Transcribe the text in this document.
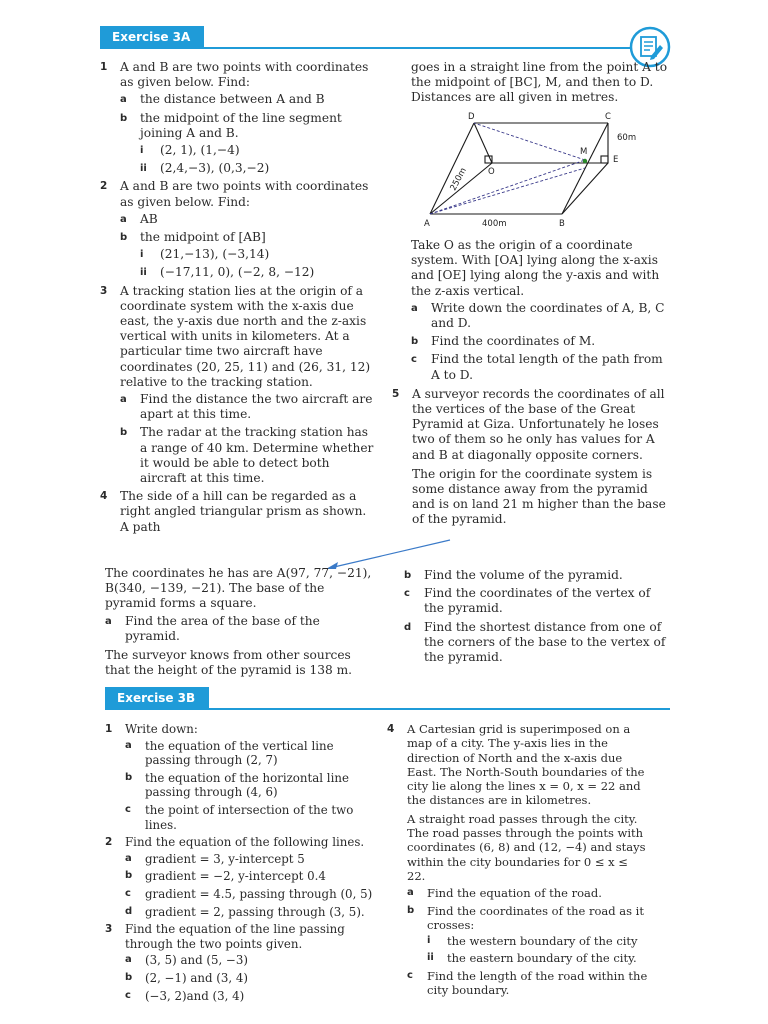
Exercise 3A
1 A and B are two points with coordinates as given below. Find:
a the distance between A and B
b the midpoint of the line segment joining A and B.
i (2, 1), (1,−4)
ii (2,4,−3), (0,3,−2)
2 A and B are two points with coordinates as given below. Find:
a AB
b the midpoint of [AB]
i (21,−13), (−3,14)
ii (−17,11, 0), (−2, 8, −12)
3 A tracking station lies at the origin of a coordinate system with the x-axis due east, the y-axis due north and the z-axis vertical with units in kilometers. At a particular time two aircraft have coordinates (20, 25, 11) and (26, 31, 12) relative to the tracking station.
a Find the distance the two aircraft are apart at this time.
b The radar at the tracking station has a range of 40 km. Determine whether it would be able to detect both aircraft at this time.
4 The side of a hill can be regarded as a right angled triangular prism as shown. A path
goes in a straight line from the point A to the midpoint of [BC], M, and then to D. Distances are all given in metres.
D	C
M
E
O
A	B
60m
400m
250m
Take O as the origin of a coordinate system. With [OA] lying along the x-axis and [OE] lying along the y-axis and with the z-axis vertical.
a Write down the coordinates of A, B, C and D.
b Find the coordinates of M.
c Find the total length of the path from A to D.
5 A surveyor records the coordinates of all the vertices of the base of the Great Pyramid at Giza. Unfortunately he loses two of them so he only has values for A and B at diagonally opposite corners.
The origin for the coordinate system is some distance away from the pyramid and is on land 21 m higher than the base of the pyramid.
The coordinates he has are A(97, 77, −21), B(340, −139, −21). The base of the pyramid forms a square.
a Find the area of the base of the pyramid.
The surveyor knows from other sources that the height of the pyramid is 138 m.
b Find the volume of the pyramid.
c Find the coordinates of the vertex of the pyramid.
d Find the shortest distance from one of the corners of the base to the vertex of the pyramid.
Exercise 3B
1 Write down:
a the equation of the vertical line passing through (2, 7)
b the equation of the horizontal line passing through (4, 6)
c the point of intersection of the two lines.
2 Find the equation of the following lines.
a gradient = 3, y-intercept 5
b gradient = −2, y-intercept 0.4
c gradient = 4.5, passing through (0, 5)
d gradient = 2, passing through (3, 5).
3 Find the equation of the line passing through the two points given.
a (3, 5) and (5, −3)
b (2, −1) and (3, 4)
c (−3, 2)and (3, 4)
4 A Cartesian grid is superimposed on a map of a city. The y-axis lies in the direction of North and the x-axis due East. The North-South boundaries of the city lie along the lines x = 0, x = 22 and the distances are in kilometres.
A straight road passes through the city. The road passes through the points with coordinates (6, 8) and (12, −4) and stays within the city boundaries for 0 ≤ x ≤ 22.
a Find the equation of the road.
b Find the coordinates of the road as it crosses:
i the western boundary of the city
ii the eastern boundary of the city.
c Find the length of the road within the city boundary.
